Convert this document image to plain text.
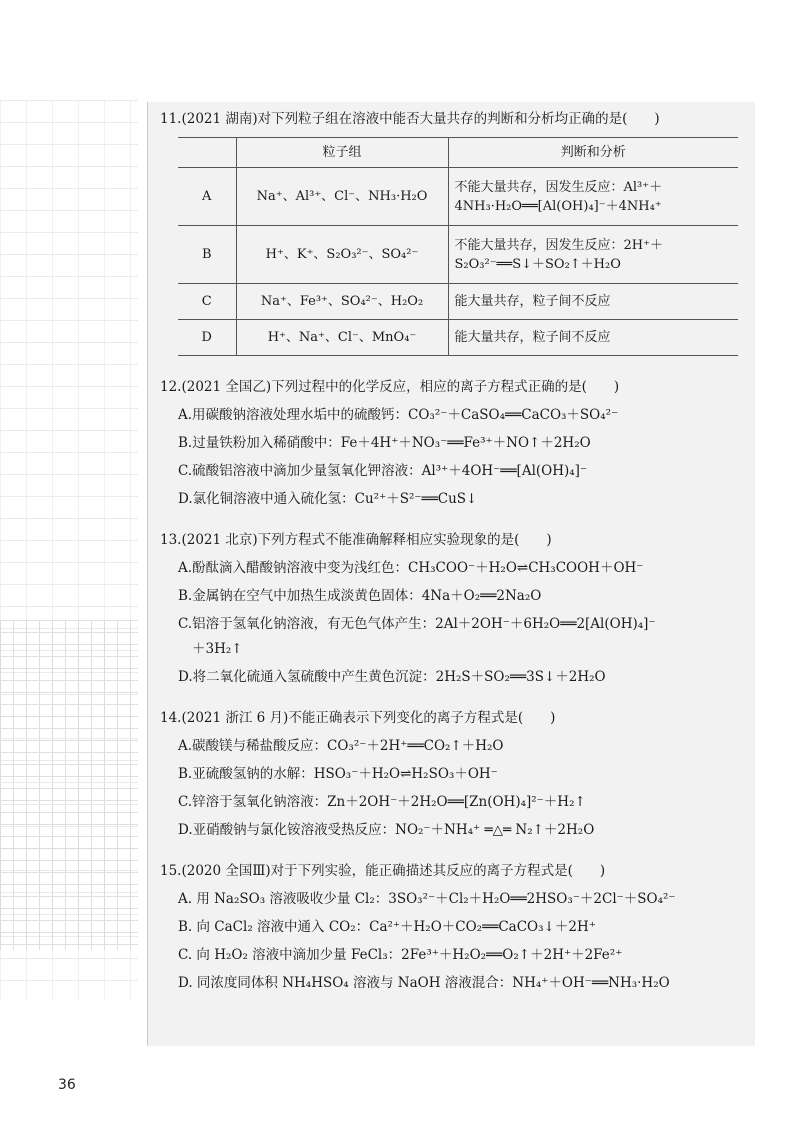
11.(2021 湖南)对下列粒子组在溶液中能否大量共存的判断和分析均正确的是(　　)
	粒子组	判断和分析
A	Na⁺、Al³⁺、Cl⁻、NH₃·H₂O	不能大量共存，因发生反应：Al³⁺＋
4NH₃·H₂O══[Al(OH)₄]⁻＋4NH₄⁺

B	H⁺、K⁺、S₂O₃²⁻、SO₄²⁻	不能大量共存，因发生反应：2H⁺＋
S₂O₃²⁻══S↓＋SO₂↑＋H₂O

C	Na⁺、Fe³⁺、SO₄²⁻、H₂O₂	能大量共存，粒子间不反应

D	H⁺、Na⁺、Cl⁻、MnO₄⁻	能大量共存，粒子间不反应
12.(2021 全国乙)下列过程中的化学反应，相应的离子方程式正确的是(　　)
A.用碳酸钠溶液处理水垢中的硫酸钙：CO₃²⁻＋CaSO₄══CaCO₃＋SO₄²⁻
B.过量铁粉加入稀硝酸中：Fe＋4H⁺＋NO₃⁻══Fe³⁺＋NO↑＋2H₂O
C.硫酸铝溶液中滴加少量氢氧化钾溶液：Al³⁺＋4OH⁻══[Al(OH)₄]⁻
D.氯化铜溶液中通入硫化氢：Cu²⁺＋S²⁻══CuS↓
13.(2021 北京)下列方程式不能准确解释相应实验现象的是(　　)
A.酚酞滴入醋酸钠溶液中变为浅红色：CH₃COO⁻＋H₂O⇌CH₃COOH＋OH⁻
B.金属钠在空气中加热生成淡黄色固体：4Na＋O₂══2Na₂O
C.铝溶于氢氧化钠溶液，有无色气体产生：2Al＋2OH⁻＋6H₂O══2[Al(OH)₄]⁻
＋3H₂↑
D.将二氧化硫通入氢硫酸中产生黄色沉淀：2H₂S＋SO₂══3S↓＋2H₂O
14.(2021 浙江 6 月)不能正确表示下列变化的离子方程式是(　　)
A.碳酸镁与稀盐酸反应：CO₃²⁻＋2H⁺══CO₂↑＋H₂O
B.亚硫酸氢钠的水解：HSO₃⁻＋H₂O⇌H₂SO₃＋OH⁻
C.锌溶于氢氧化钠溶液：Zn＋2OH⁻＋2H₂O══[Zn(OH)₄]²⁻＋H₂↑
D.亚硝酸钠与氯化铵溶液受热反应：NO₂⁻＋NH₄⁺ ═△═ N₂↑＋2H₂O
15.(2020 全国Ⅲ)对于下列实验，能正确描述其反应的离子方程式是(　　)
A. 用 Na₂SO₃ 溶液吸收少量 Cl₂：3SO₃²⁻＋Cl₂＋H₂O══2HSO₃⁻＋2Cl⁻＋SO₄²⁻
B. 向 CaCl₂ 溶液中通入 CO₂：Ca²⁺＋H₂O＋CO₂══CaCO₃↓＋2H⁺
C. 向 H₂O₂ 溶液中滴加少量 FeCl₃：2Fe³⁺＋H₂O₂══O₂↑＋2H⁺＋2Fe²⁺
D. 同浓度同体积 NH₄HSO₄ 溶液与 NaOH 溶液混合：NH₄⁺＋OH⁻══NH₃·H₂O
36
